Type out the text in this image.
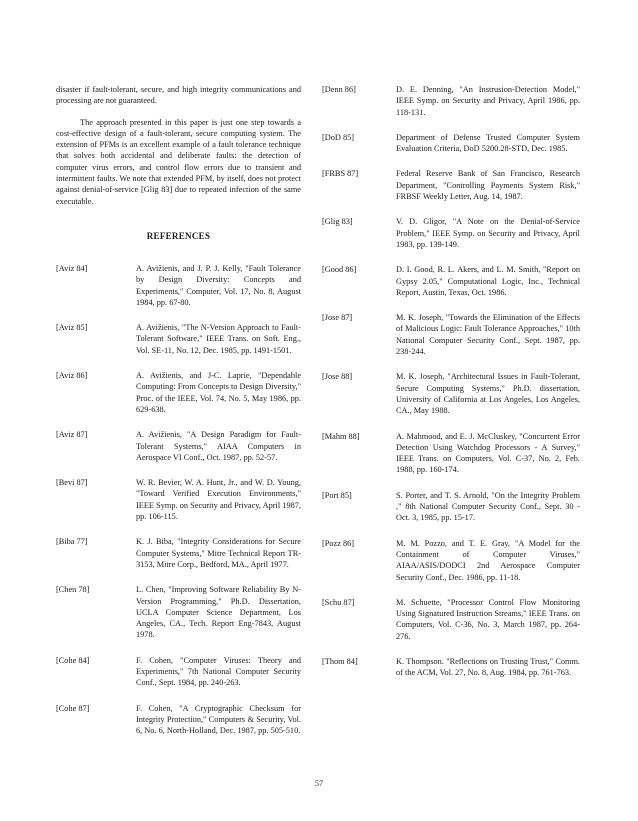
disaster if fault-tolerant, secure, and high integrity communications and processing are not guaranteed.

The approach presented in this paper is just one step towards a cost-effective design of a fault-tolerant, secure computing system. The extension of PFMs is an excellent example of a fault tolerance technique that solves both accidental and deliberate faults: the detection of computer virus errors, and control flow errors due to transient and intermittent faults. We note that extended PFM, by itself, does not protect against denial-of-service [Glig 83] due to repeated infection of the same executable.

REFERENCES
[Aviz 84]	A. Avižienis, and J. P. J. Kelly, "Fault Tolerance by Design Diversity: Concepts and Experiments," Computer, Vol. 17, No. 8, August 1984, pp. 67-80.
[Aviz 85]	A. Avižienis, "The N-Version Approach to Fault-Tolerant Software," IEEE Trans. on Soft. Eng., Vol. SE-11, No. 12, Dec. 1985, pp. 1491-1501.
[Aviz 86]	A. Avižienis, and J-C. Laprie, "Dependable Computing: From Concepts to Design Diversity," Proc. of the IEEE, Vol. 74, No. 5, May 1986, pp. 629-638.
[Aviz 87]	A. Avižienis, "A Design Paradigm for Fault-Tolerant Systems," AIAA Computers in Aerospace VI Conf., Oct. 1987, pp. 52-57.
[Bevi 87]	W. R. Bevier, W. A. Hunt, Jr., and W. D. Young, "Toward Verified Execution Environments," IEEE Symp. on Security and Privacy, April 1987, pp. 106-115.
[Biba 77]	K. J. Biba, "Integrity Considerations for Secure Computer Systems," Mitre Technical Report TR-3153, Mitre Corp., Bedford, MA., April 1977.
[Chen 78]	L. Chen, "Improving Software Reliability By N-Version Programming," Ph.D. Dissertation, UCLA Computer Science Department, Los Angeles, CA., Tech. Report Eng-7843, August 1978.
[Cohe 84]	F. Cohen, "Computer Viruses: Theory and Experiments," 7th National Computer Security Conf., Sept. 1984, pp. 240-263.
[Cohe 87]	F. Cohen, "A Cryptographic Checksum for Integrity Protection," Computers & Security, Vol. 6, No. 6, North-Holland, Dec. 1987, pp. 505-510.
[Denn 86]	D. E. Denning, "An Instrusion-Detection Model," IEEE Symp. on Security and Privacy, April 1986, pp. 118-131.
[DoD 85]	Department of Defense Trusted Computer System Evaluation Criteria, DoD 5200.28-STD, Dec. 1985.
[FRBS 87]	Federal Reserve Bank of San Francisco, Research Department, "Controlling Payments System Risk," FRBSF Weekly Letter, Aug. 14, 1987.
[Glig 83]	V. D. Gligor, "A Note on the Denial-of-Service Problem," IEEE Symp. on Security and Privacy, April 1983, pp. 139-149.
[Good 86]	D. I. Good, R. L. Akers, and L. M. Smith, "Report on Gypsy 2.05," Computational Logic, Inc., Technical Report, Austin, Texas, Oct. 1986.
[Jose 87]	M. K. Joseph, "Towards the Elimination of the Effects of Malicious Logic: Fault Tolerance Approaches," 10th National Computer Security Conf., Sept. 1987, pp. 238-244.
[Jose 88]	M. K. Joseph, "Architectural Issues in Fault-Tolerant, Secure Computing Systems," Ph.D. dissertation, University of California at Los Angeles, Los Angeles, CA., May 1988.
[Mahm 88]	A. Mahmood, and E. J. McCluskey, "Concurrent Error Detection Using Watchdog Processors - A Survey," IEEE Trans. on Computers, Vol. C-37, No. 2, Feb. 1988, pp. 160-174.
[Port 85]	S. Porter, and T. S. Arnold, "On the Integrity Problem ," 8th National Computer Security Conf., Sept. 30 - Oct. 3, 1985, pp. 15-17.
[Pozz 86]	M. M. Pozzo, and T. E. Gray, "A Model for the Containment of Computer Viruses," AIAA/ASIS/DODCI 2nd Aerospace Computer Security Conf., Dec. 1986, pp. 11-18.
[Schu 87]	M. Schuette, "Processor Control Flow Monitoring Using Signatured Instruction Streams," IEEE Trans. on Computers, Vol. C-36, No. 3, March 1987, pp. 264-276.
[Thom 84]	K. Thompson. "Reflections on Trusting Trust," Comm. of the ACM, Vol. 27, No. 8, Aug. 1984, pp. 761-763.
57
